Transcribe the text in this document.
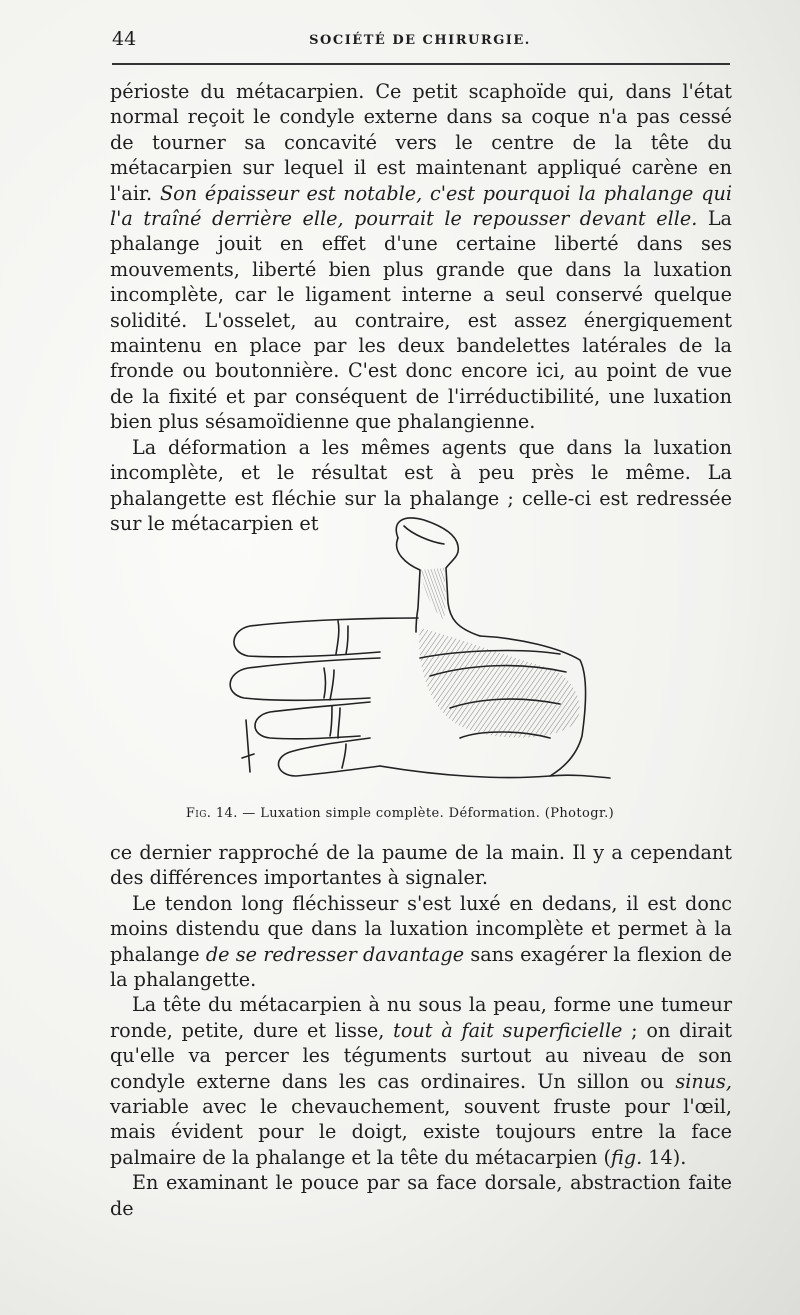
44	SOCIÉTÉ DE CHIRURGIE.

périoste du métacarpien. Ce petit scaphoïde qui, dans l'état normal reçoit le condyle externe dans sa coque n'a pas cessé de tourner sa concavité vers le centre de la tête du métacarpien sur lequel il est maintenant appliqué carène en l'air. Son épaisseur est notable, c'est pourquoi la phalange qui l'a traîné derrière elle, pourrait le repousser devant elle. La phalange jouit en effet d'une certaine liberté dans ses mouvements, liberté bien plus grande que dans la luxation incomplète, car le ligament interne a seul conservé quelque solidité. L'osselet, au contraire, est assez énergiquement maintenu en place par les deux bandelettes latérales de la fronde ou boutonnière. C'est donc encore ici, au point de vue de la fixité et par conséquent de l'irréductibilité, une luxation bien plus sésamoïdienne que phalangienne.

La déformation a les mêmes agents que dans la luxation incomplète, et le résultat est à peu près le même. La phalangette est fléchie sur la phalange ; celle-ci est redressée sur le métacarpien et

Fig. 14. — Luxation simple complète. Déformation. (Photogr.)

ce dernier rapproché de la paume de la main. Il y a cependant des différences importantes à signaler.

Le tendon long fléchisseur s'est luxé en dedans, il est donc moins distendu que dans la luxation incomplète et permet à la phalange de se redresser davantage sans exagérer la flexion de la phalangette.

La tête du métacarpien à nu sous la peau, forme une tumeur ronde, petite, dure et lisse, tout à fait superficielle ; on dirait qu'elle va percer les téguments surtout au niveau de son condyle externe dans les cas ordinaires. Un sillon ou sinus, variable avec le chevauchement, souvent fruste pour l'œil, mais évident pour le doigt, existe toujours entre la face palmaire de la phalange et la tête du métacarpien (fig. 14).

En examinant le pouce par sa face dorsale, abstraction faite de
